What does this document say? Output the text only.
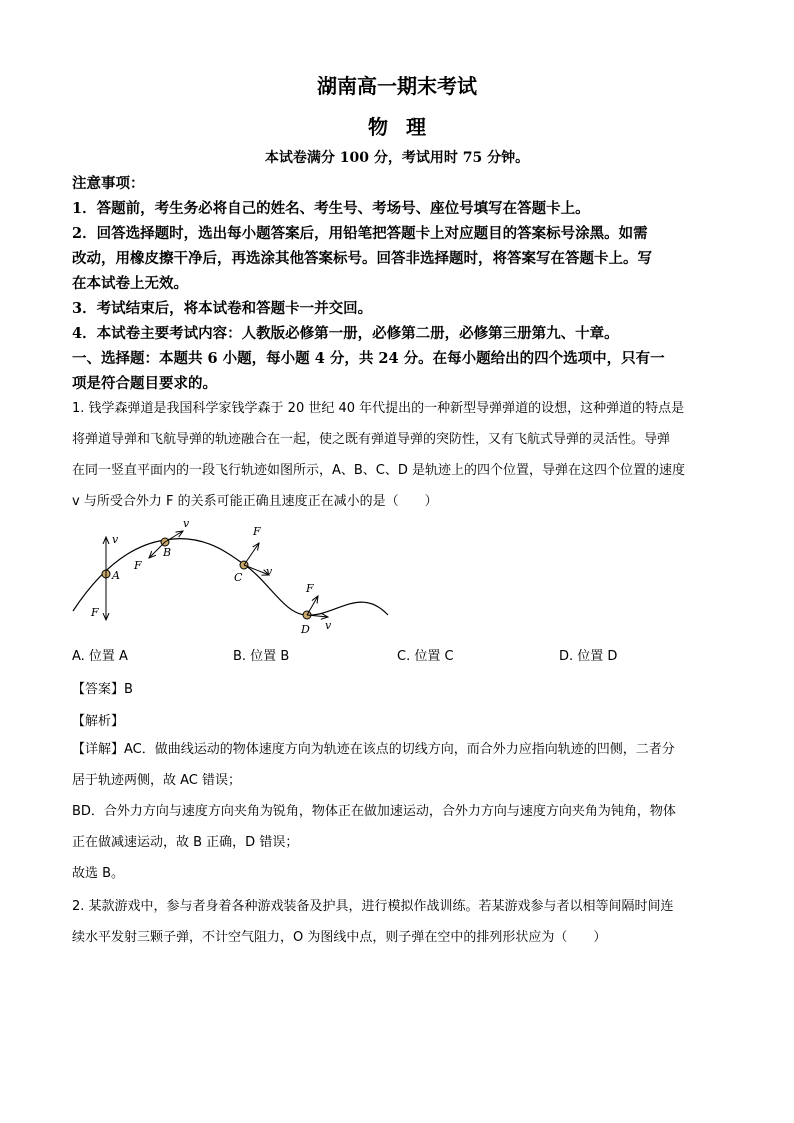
湖南高一期末考试
物理
本试卷满分 100 分，考试用时 75 分钟。
注意事项：
1．答题前，考生务必将自己的姓名、考生号、考场号、座位号填写在答题卡上。
2．回答选择题时，选出每小题答案后，用铅笔把答题卡上对应题目的答案标号涂黑。如需
改动，用橡皮擦干净后，再选涂其他答案标号。回答非选择题时，将答案写在答题卡上。写
在本试卷上无效。
3．考试结束后，将本试卷和答题卡一并交回。
4．本试卷主要考试内容：人教版必修第一册，必修第二册，必修第三册第九、十章。
一、选择题：本题共 6 小题，每小题 4 分，共 24 分。在每小题给出的四个选项中，只有一
项是符合题目要求的。
1. 钱学森弹道是我国科学家钱学森于 20 世纪 40 年代提出的一种新型导弹弹道的设想，这种弹道的特点是
将弹道导弹和飞航导弹的轨迹融合在一起，使之既有弹道导弹的突防性，又有飞航式导弹的灵活性。导弹
在同一竖直平面内的一段飞行轨迹如图所示，A、B、C、D 是轨迹上的四个位置，导弹在这四个位置的速度
v 与所受合外力 F 的关系可能正确且速度正在减小的是（　　）
v
A
F
v
B
F
F
C v
F
D v
A. 位置 A	B. 位置 B	C. 位置 C	D. 位置 D
【答案】B
【解析】
【详解】AC．做曲线运动的物体速度方向为轨迹在该点的切线方向，而合外力应指向轨迹的凹侧，二者分
居于轨迹两侧，故 AC 错误；
BD．合外力方向与速度方向夹角为锐角，物体正在做加速运动，合外力方向与速度方向夹角为钝角，物体
正在做减速运动，故 B 正确，D 错误；
故选 B。
2. 某款游戏中，参与者身着各种游戏装备及护具，进行模拟作战训练。若某游戏参与者以相等间隔时间连
续水平发射三颗子弹，不计空气阻力，O 为图线中点，则子弹在空中的排列形状应为（　　）
